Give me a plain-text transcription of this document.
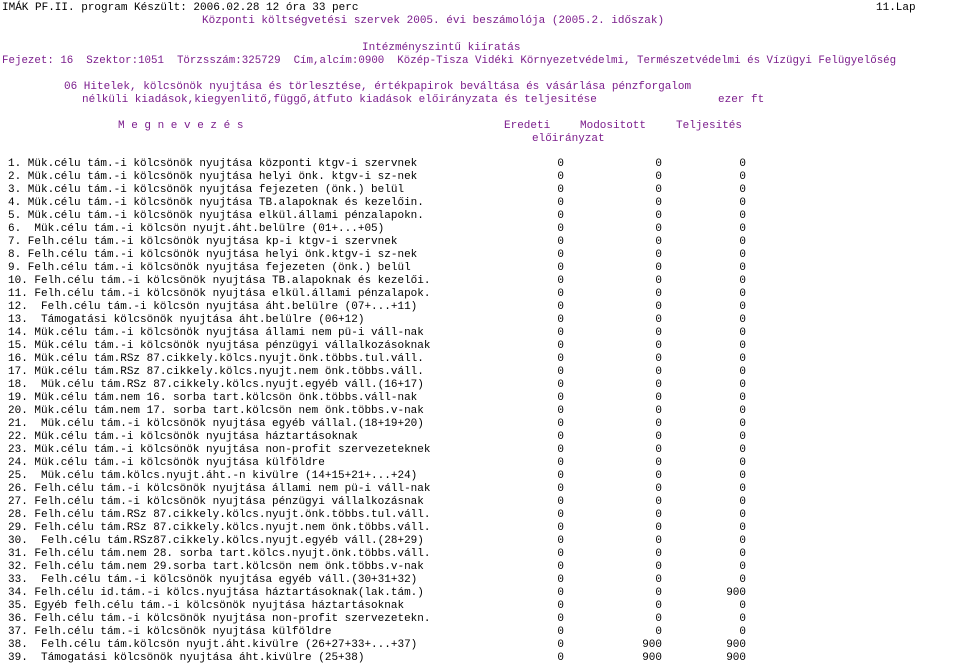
IMÁK PF.II. program Készült: 2006.02.28 12 óra 33 perc	11.Lap
Központi költségvetési szervek 2005. évi beszámolója (2005.2. időszak)
Intézményszintű kiíratás
Fejezet: 16  Szektor:1051  Törzsszám:325729  Cím,alcím:0900  Közép-Tisza Vidéki Környezetvédelmi, Természetvédelmi és Vízügyi Felügyelőség
06 Hitelek, kölcsönök nyujtása és törlesztése, értékpapirok beváltása és vásárlása pénzforgalom
nélküli kiadások,kiegyenlitő,függő,átfuto kiadások előirányzata és teljesitése	ezer ft
M e g n e v e z é s	Eredeti	Modositott	Teljesités
előirányzat
1. Mük.célu tám.-i kölcsönök nyujtása központi ktgv-i szervnek	0	0	0
2. Mük.célu tám.-i kölcsönök nyujtása helyi önk. ktgv-i sz-nek	0	0	0
3. Mük.célu tám.-i kölcsönök nyujtása fejezeten (önk.) belül	0	0	0
4. Mük.célu tám.-i kölcsönök nyujtása TB.alapoknak és kezelőin.	0	0	0
5. Mük.célu tám.-i kölcsönök nyujtása elkül.állami pénzalapokn.	0	0	0
6.  Mük.célu tám.-i kölcsön nyujt.áht.belülre (01+...+05)	0	0	0
7. Felh.célu tám.-i kölcsönök nyujtása kp-i ktgv-i szervnek	0	0	0
8. Felh.célu tám.-i kölcsönök nyujtása helyi önk.ktgv-i sz-nek	0	0	0
9. Felh.célu tám.-i kölcsönök nyujtása fejezeten (önk.) belül	0	0	0
10. Felh.célu tám.-i kölcsönök nyujtása TB.alapoknak és kezelői.	0	0	0
11. Felh.célu tám.-i kölcsönök nyujtása elkül.állami pénzalapok.	0	0	0
12.  Felh.célu tám.-i kölcsön nyujtása áht.belülre (07+...+11)	0	0	0
13.  Támogatási kölcsönök nyujtása áht.belülre (06+12)	0	0	0
14. Mük.célu tám.-i kölcsönök nyujtása állami nem pü-i váll-nak	0	0	0
15. Mük.célu tám.-i kölcsönök nyujtása pénzügyi vállalkozásoknak	0	0	0
16. Mük.célu tám.RSz 87.cikkely.kölcs.nyujt.önk.többs.tul.váll.	0	0	0
17. Mük.célu tám.RSz 87.cikkely.kölcs.nyujt.nem önk.többs.váll.	0	0	0
18.  Mük.célu tám.RSz 87.cikkely.kölcs.nyujt.egyéb váll.(16+17)	0	0	0
19. Mük.célu tám.nem 16. sorba tart.kölcsön önk.többs.váll-nak	0	0	0
20. Mük.célu tám.nem 17. sorba tart.kölcsön nem önk.többs.v-nak	0	0	0
21.  Mük.célu tám.-i kölcsönök nyujtása egyéb vállal.(18+19+20)	0	0	0
22. Mük.célu tám.-i kölcsönök nyujtása háztartásoknak	0	0	0
23. Mük.célu tám.-i kölcsönök nyujtása non-profit szervezeteknek	0	0	0
24. Mük.célu tám.-i kölcsönök nyujtása külföldre	0	0	0
25.  Mük.célu tám.kölcs.nyujt.áht.-n kivülre (14+15+21+...+24)	0	0	0
26. Felh.célu tám.-i kölcsönök nyujtása állami nem pü-i váll-nak	0	0	0
27. Felh.célu tám.-i kölcsönök nyujtása pénzügyi vállalkozásnak	0	0	0
28. Felh.célu tám.RSz 87.cikkely.kölcs.nyujt.önk.többs.tul.váll.	0	0	0
29. Felh.célu tám.RSz 87.cikkely.kölcs.nyujt.nem önk.többs.váll.	0	0	0
30.  Felh.célu tám.RSz87.cikkely.kölcs.nyujt.egyéb váll.(28+29)	0	0	0
31. Felh.célu tám.nem 28. sorba tart.kölcs.nyujt.önk.többs.váll.	0	0	0
32. Felh.célu tám.nem 29.sorba tart.kölcsön nem önk.többs.v-nak	0	0	0
33.  Felh.célu tám.-i kölcsönök nyujtása egyéb váll.(30+31+32)	0	0	0
34. Felh.célu id.tám.-i kölcs.nyujtása háztartásoknak(lak.tám.)	0	0	900
35. Egyéb felh.célu tám.-i kölcsönök nyujtása háztartásoknak	0	0	0
36. Felh.célu tám.-i kölcsönök nyujtása non-profit szervezetekn.	0	0	0
37. Felh.célu tám.-i kölcsönök nyujtása külföldre	0	0	0
38.  Felh.célu tám.kölcsön nyujt.áht.kivülre (26+27+33+...+37)	0	900	900
39.  Támogatási kölcsönök nyujtása áht.kivülre (25+38)	0	900	900
